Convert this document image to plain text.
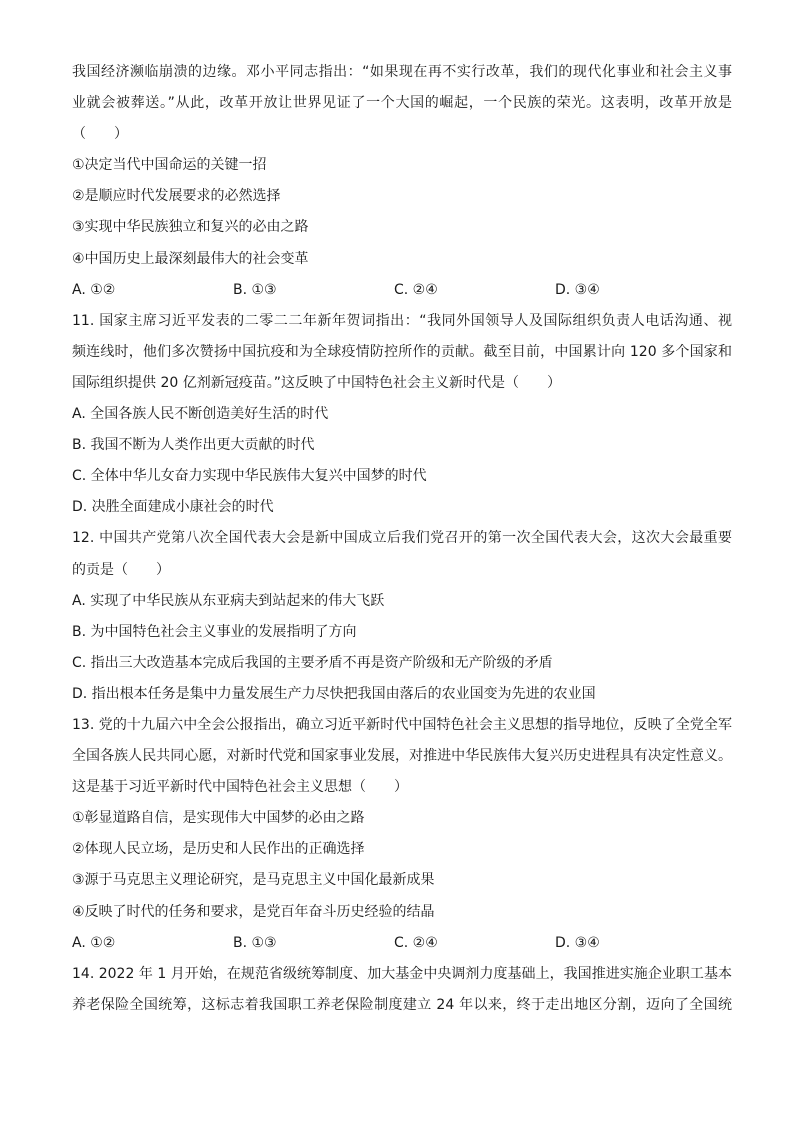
我国经济濒临崩溃的边缘。邓小平同志指出：“如果现在再不实行改革，我们的现代化事业和社会主义事
业就会被葬送。”从此，改革开放让世界见证了一个大国的崛起，一个民族的荣光。这表明，改革开放是
（　　）
①决定当代中国命运的关键一招
②是顺应时代发展要求的必然选择
③实现中华民族独立和复兴的必由之路
④中国历史上最深刻最伟大的社会变革
A. ①②	B. ①③	C. ②④	D. ③④
11. 国家主席习近平发表的二零二二年新年贺词指出：“我同外国领导人及国际组织负责人电话沟通、视
频连线时，他们多次赞扬中国抗疫和为全球疫情防控所作的贡献。截至目前，中国累计向 120 多个国家和
国际组织提供 20 亿剂新冠疫苗。”这反映了中国特色社会主义新时代是（　　）
A. 全国各族人民不断创造美好生活的时代
B. 我国不断为人类作出更大贡献的时代
C. 全体中华儿女奋力实现中华民族伟大复兴中国梦的时代
D. 决胜全面建成小康社会的时代
12. 中国共产党第八次全国代表大会是新中国成立后我们党召开的第一次全国代表大会，这次大会最重要
的贡是（　　）
A. 实现了中华民族从东亚病夫到站起来的伟大飞跃
B. 为中国特色社会主义事业的发展指明了方向
C. 指出三大改造基本完成后我国的主要矛盾不再是资产阶级和无产阶级的矛盾
D. 指出根本任务是集中力量发展生产力尽快把我国由落后的农业国变为先进的农业国
13. 党的十九届六中全会公报指出，确立习近平新时代中国特色社会主义思想的指导地位，反映了全党全军
全国各族人民共同心愿，对新时代党和国家事业发展，对推进中华民族伟大复兴历史进程具有决定性意义。
这是基于习近平新时代中国特色社会主义思想（　　）
①彰显道路自信，是实现伟大中国梦的必由之路
②体现人民立场，是历史和人民作出的正确选择
③源于马克思主义理论研究，是马克思主义中国化最新成果
④反映了时代的任务和要求，是党百年奋斗历史经验的结晶
A. ①②	B. ①③	C. ②④	D. ③④
14. 2022 年 1 月开始，在规范省级统筹制度、加大基金中央调剂力度基础上，我国推进实施企业职工基本
养老保险全国统筹，这标志着我国职工养老保险制度建立 24 年以来，终于走出地区分割，迈向了全国统
